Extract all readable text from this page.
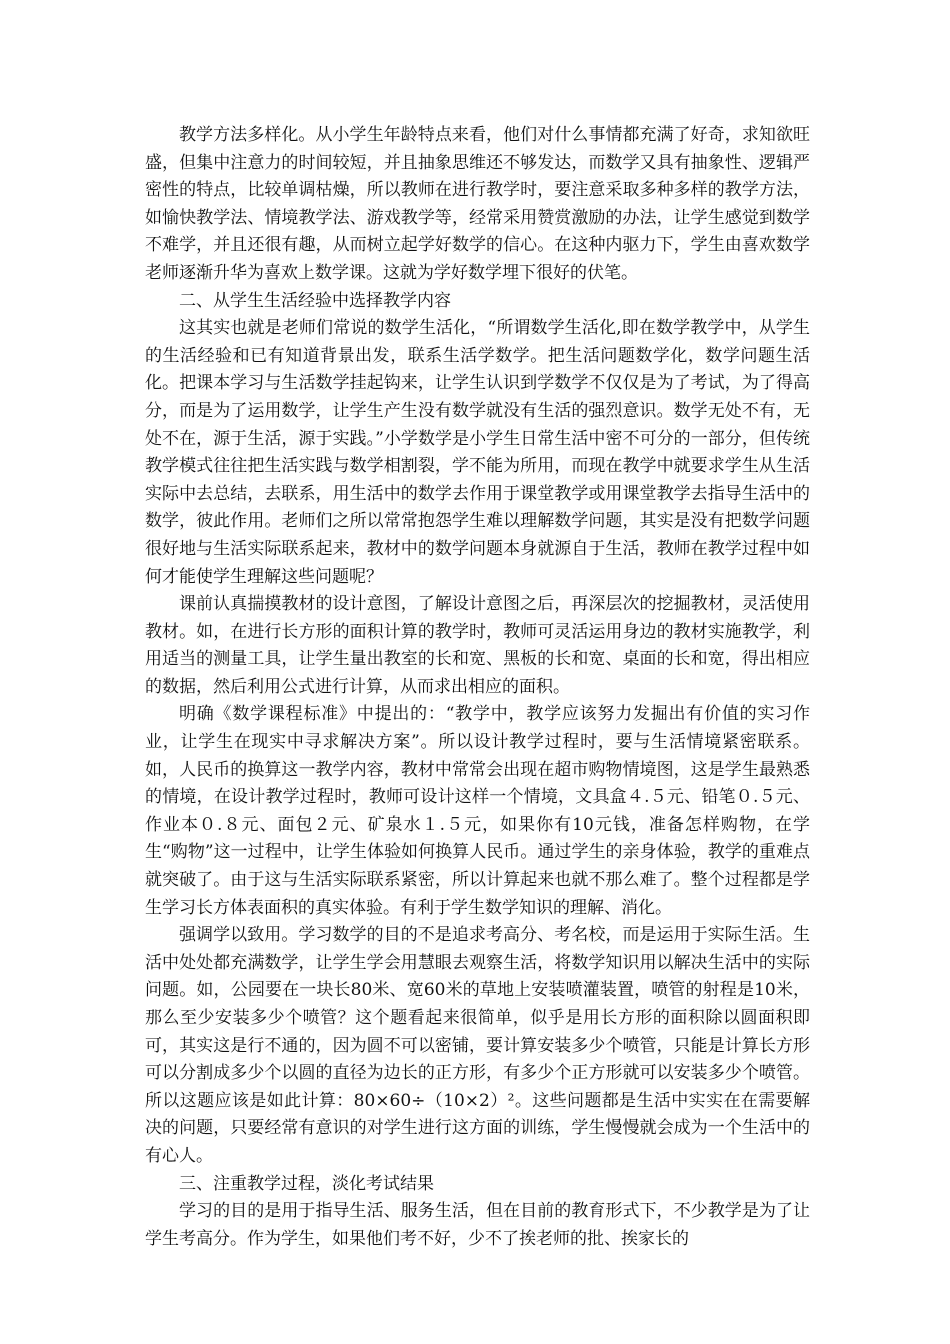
教学方法多样化。从小学生年龄特点来看，他们对什么事情都充满了好奇，求知欲旺盛，但集中注意力的时间较短，并且抽象思维还不够发达，而数学又具有抽象性、逻辑严密性的特点，比较单调枯燥，所以教师在进行教学时，要注意采取多种多样的教学方法，如愉快教学法、情境教学法、游戏教学等，经常采用赞赏激励的办法，让学生感觉到数学不难学，并且还很有趣，从而树立起学好数学的信心。在这种内驱力下，学生由喜欢数学老师逐渐升华为喜欢上数学课。这就为学好数学埋下很好的伏笔。

二、从学生生活经验中选择教学内容

这其实也就是老师们常说的数学生活化，“所谓数学生活化,即在数学教学中，从学生的生活经验和已有知道背景出发，联系生活学数学。把生活问题数学化，数学问题生活化。把课本学习与生活数学挂起钩来，让学生认识到学数学不仅仅是为了考试，为了得高分，而是为了运用数学，让学生产生没有数学就没有生活的强烈意识。数学无处不有，无处不在，源于生活，源于实践。”小学数学是小学生日常生活中密不可分的一部分，但传统教学模式往往把生活实践与数学相割裂，学不能为所用，而现在教学中就要求学生从生活实际中去总结，去联系，用生活中的数学去作用于课堂教学或用课堂教学去指导生活中的数学，彼此作用。老师们之所以常常抱怨学生难以理解数学问题，其实是没有把数学问题很好地与生活实际联系起来，教材中的数学问题本身就源自于生活，教师在教学过程中如何才能使学生理解这些问题呢？

课前认真揣摸教材的设计意图，了解设计意图之后，再深层次的挖掘教材，灵活使用教材。如，在进行长方形的面积计算的教学时，教师可灵活运用身边的教材实施教学，利用适当的测量工具，让学生量出教室的长和宽、黑板的长和宽、桌面的长和宽，得出相应的数据，然后利用公式进行计算，从而求出相应的面积。

明确《数学课程标准》中提出的：“教学中，教学应该努力发掘出有价值的实习作业，让学生在现实中寻求解决方案”。所以设计教学过程时，要与生活情境紧密联系。如，人民币的换算这一教学内容，教材中常常会出现在超市购物情境图，这是学生最熟悉的情境，在设计教学过程时，教师可设计这样一个情境，文具盒４.５元、铅笔０.５元、作业本０.８元、面包２元、矿泉水１.５元，如果你有10元钱，准备怎样购物，在学生“购物”这一过程中，让学生体验如何换算人民币。通过学生的亲身体验，教学的重难点就突破了。由于这与生活实际联系紧密，所以计算起来也就不那么难了。整个过程都是学生学习长方体表面积的真实体验。有利于学生数学知识的理解、消化。

强调学以致用。学习数学的目的不是追求考高分、考名校，而是运用于实际生活。生活中处处都充满数学，让学生学会用慧眼去观察生活，将数学知识用以解决生活中的实际问题。如，公园要在一块长80米、宽60米的草地上安装喷灌装置，喷管的射程是10米，那么至少安装多少个喷管？这个题看起来很简单，似乎是用长方形的面积除以圆面积即可，其实这是行不通的，因为圆不可以密铺，要计算安装多少个喷管，只能是计算长方形可以分割成多少个以圆的直径为边长的正方形，有多少个正方形就可以安装多少个喷管。所以这题应该是如此计算：80×60÷（10×2）²。这些问题都是生活中实实在在需要解决的问题，只要经常有意识的对学生进行这方面的训练，学生慢慢就会成为一个生活中的有心人。

三、注重教学过程，淡化考试结果

学习的目的是用于指导生活、服务生活，但在目前的教育形式下，不少教学是为了让学生考高分。作为学生，如果他们考不好，少不了挨老师的批、挨家长的
